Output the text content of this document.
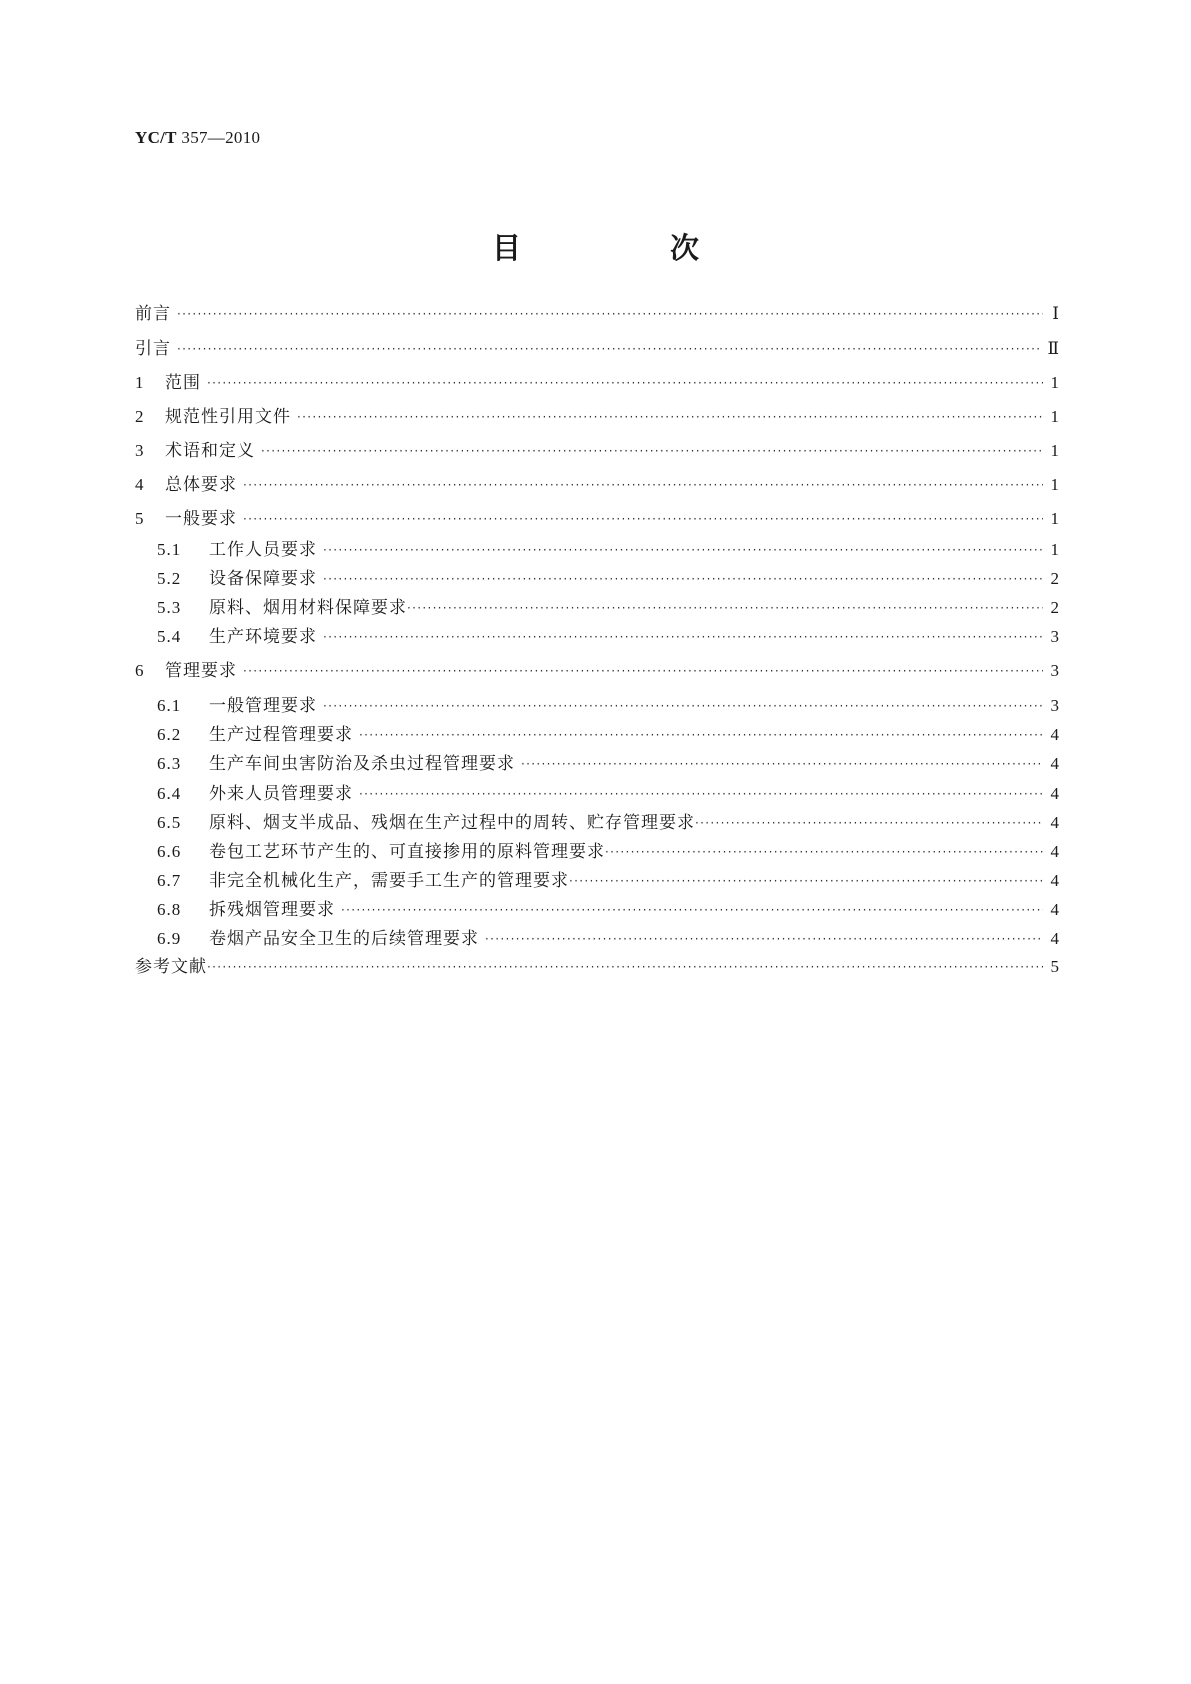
YC/T 357—2010
目　次
前言 ·····	Ⅰ
引言 ·····	Ⅱ
1	范围 ·····	1
2	规范性引用文件 ·····	1
3	术语和定义 ·····	1
4	总体要求 ·····	1
5	一般要求 ·····	1
5.1	工作人员要求 ·····	1
5.2	设备保障要求 ·····	2
5.3	原料、烟用材料保障要求 ·····	2
5.4	生产环境要求 ·····	3
6	管理要求 ·····	3
6.1	一般管理要求 ·····	3
6.2	生产过程管理要求 ·····	4
6.3	生产车间虫害防治及杀虫过程管理要求 ·····	4
6.4	外来人员管理要求 ·····	4
6.5	原料、烟支半成品、残烟在生产过程中的周转、贮存管理要求 ·····	4
6.6	卷包工艺环节产生的、可直接掺用的原料管理要求 ·····	4
6.7	非完全机械化生产，需要手工生产的管理要求 ·····	4
6.8	拆残烟管理要求 ·····	4
6.9	卷烟产品安全卫生的后续管理要求 ·····	4
参考文献 ·····	5
